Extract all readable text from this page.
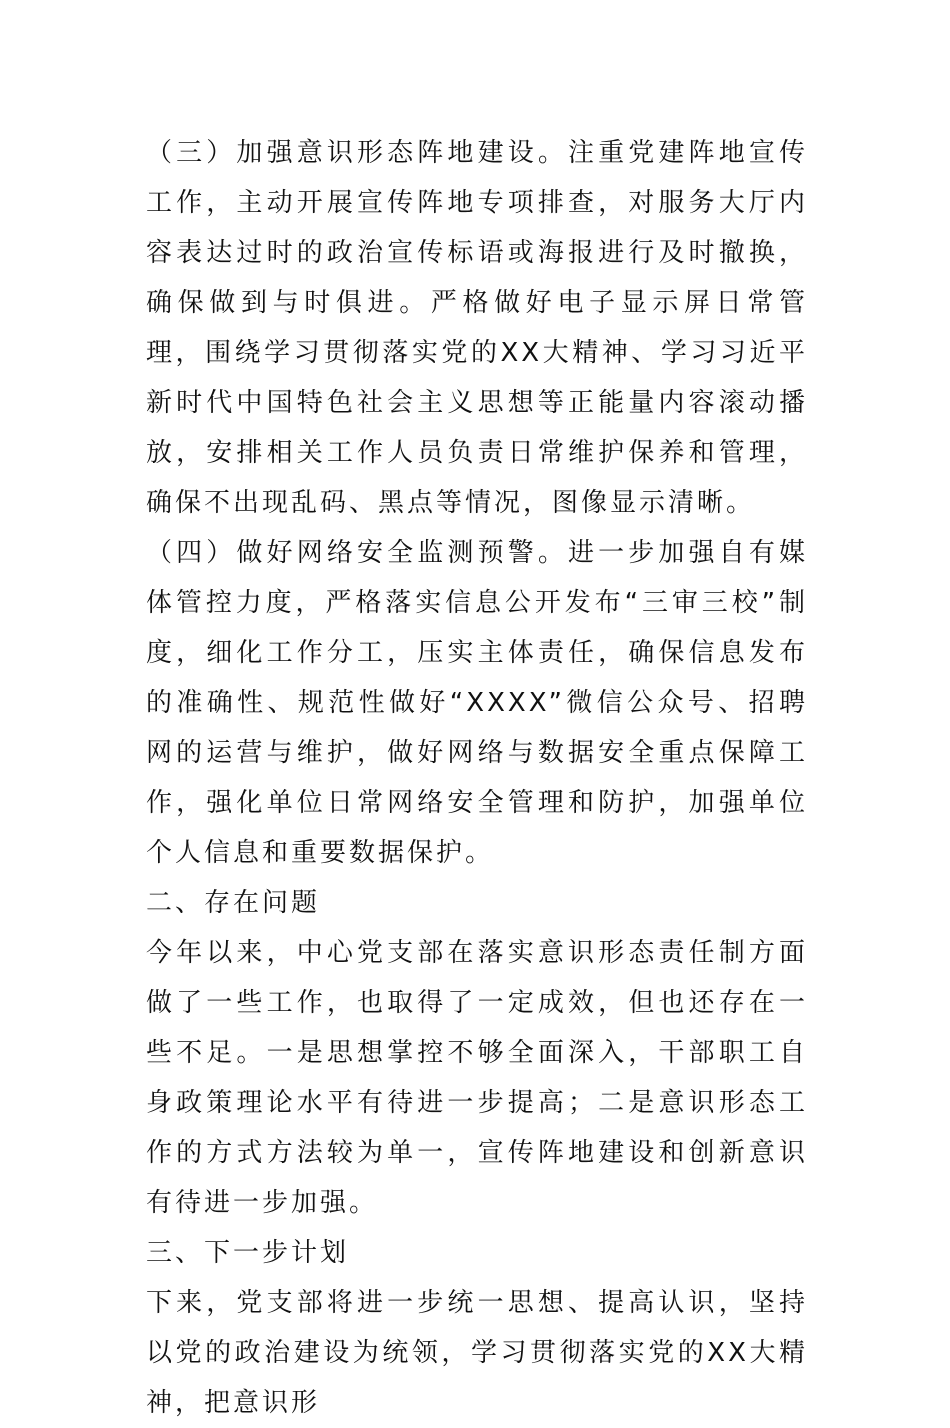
（三）加强意识形态阵地建设。注重党建阵地宣传工作，主动开展宣传阵地专项排查，对服务大厅内容表达过时的政治宣传标语或海报进行及时撤换，确保做到与时俱进。严格做好电子显示屏日常管理，围绕学习贯彻落实党的XX大精神、学习习近平新时代中国特色社会主义思想等正能量内容滚动播放，安排相关工作人员负责日常维护保养和管理，确保不出现乱码、黑点等情况，图像显示清晰。

（四）做好网络安全监测预警。进一步加强自有媒体管控力度，严格落实信息公开发布“三审三校”制度，细化工作分工，压实主体责任，确保信息发布的准确性、规范性做好“XXXX”微信公众号、招聘网的运营与维护，做好网络与数据安全重点保障工作，强化单位日常网络安全管理和防护，加强单位个人信息和重要数据保护。

二、存在问题

今年以来，中心党支部在落实意识形态责任制方面做了一些工作，也取得了一定成效，但也还存在一些不足。一是思想掌控不够全面深入，干部职工自身政策理论水平有待进一步提高；二是意识形态工作的方式方法较为单一，宣传阵地建设和创新意识有待进一步加强。

三、下一步计划

下来，党支部将进一步统一思想、提高认识，坚持以党的政治建设为统领，学习贯彻落实党的XX大精神，把意识形
